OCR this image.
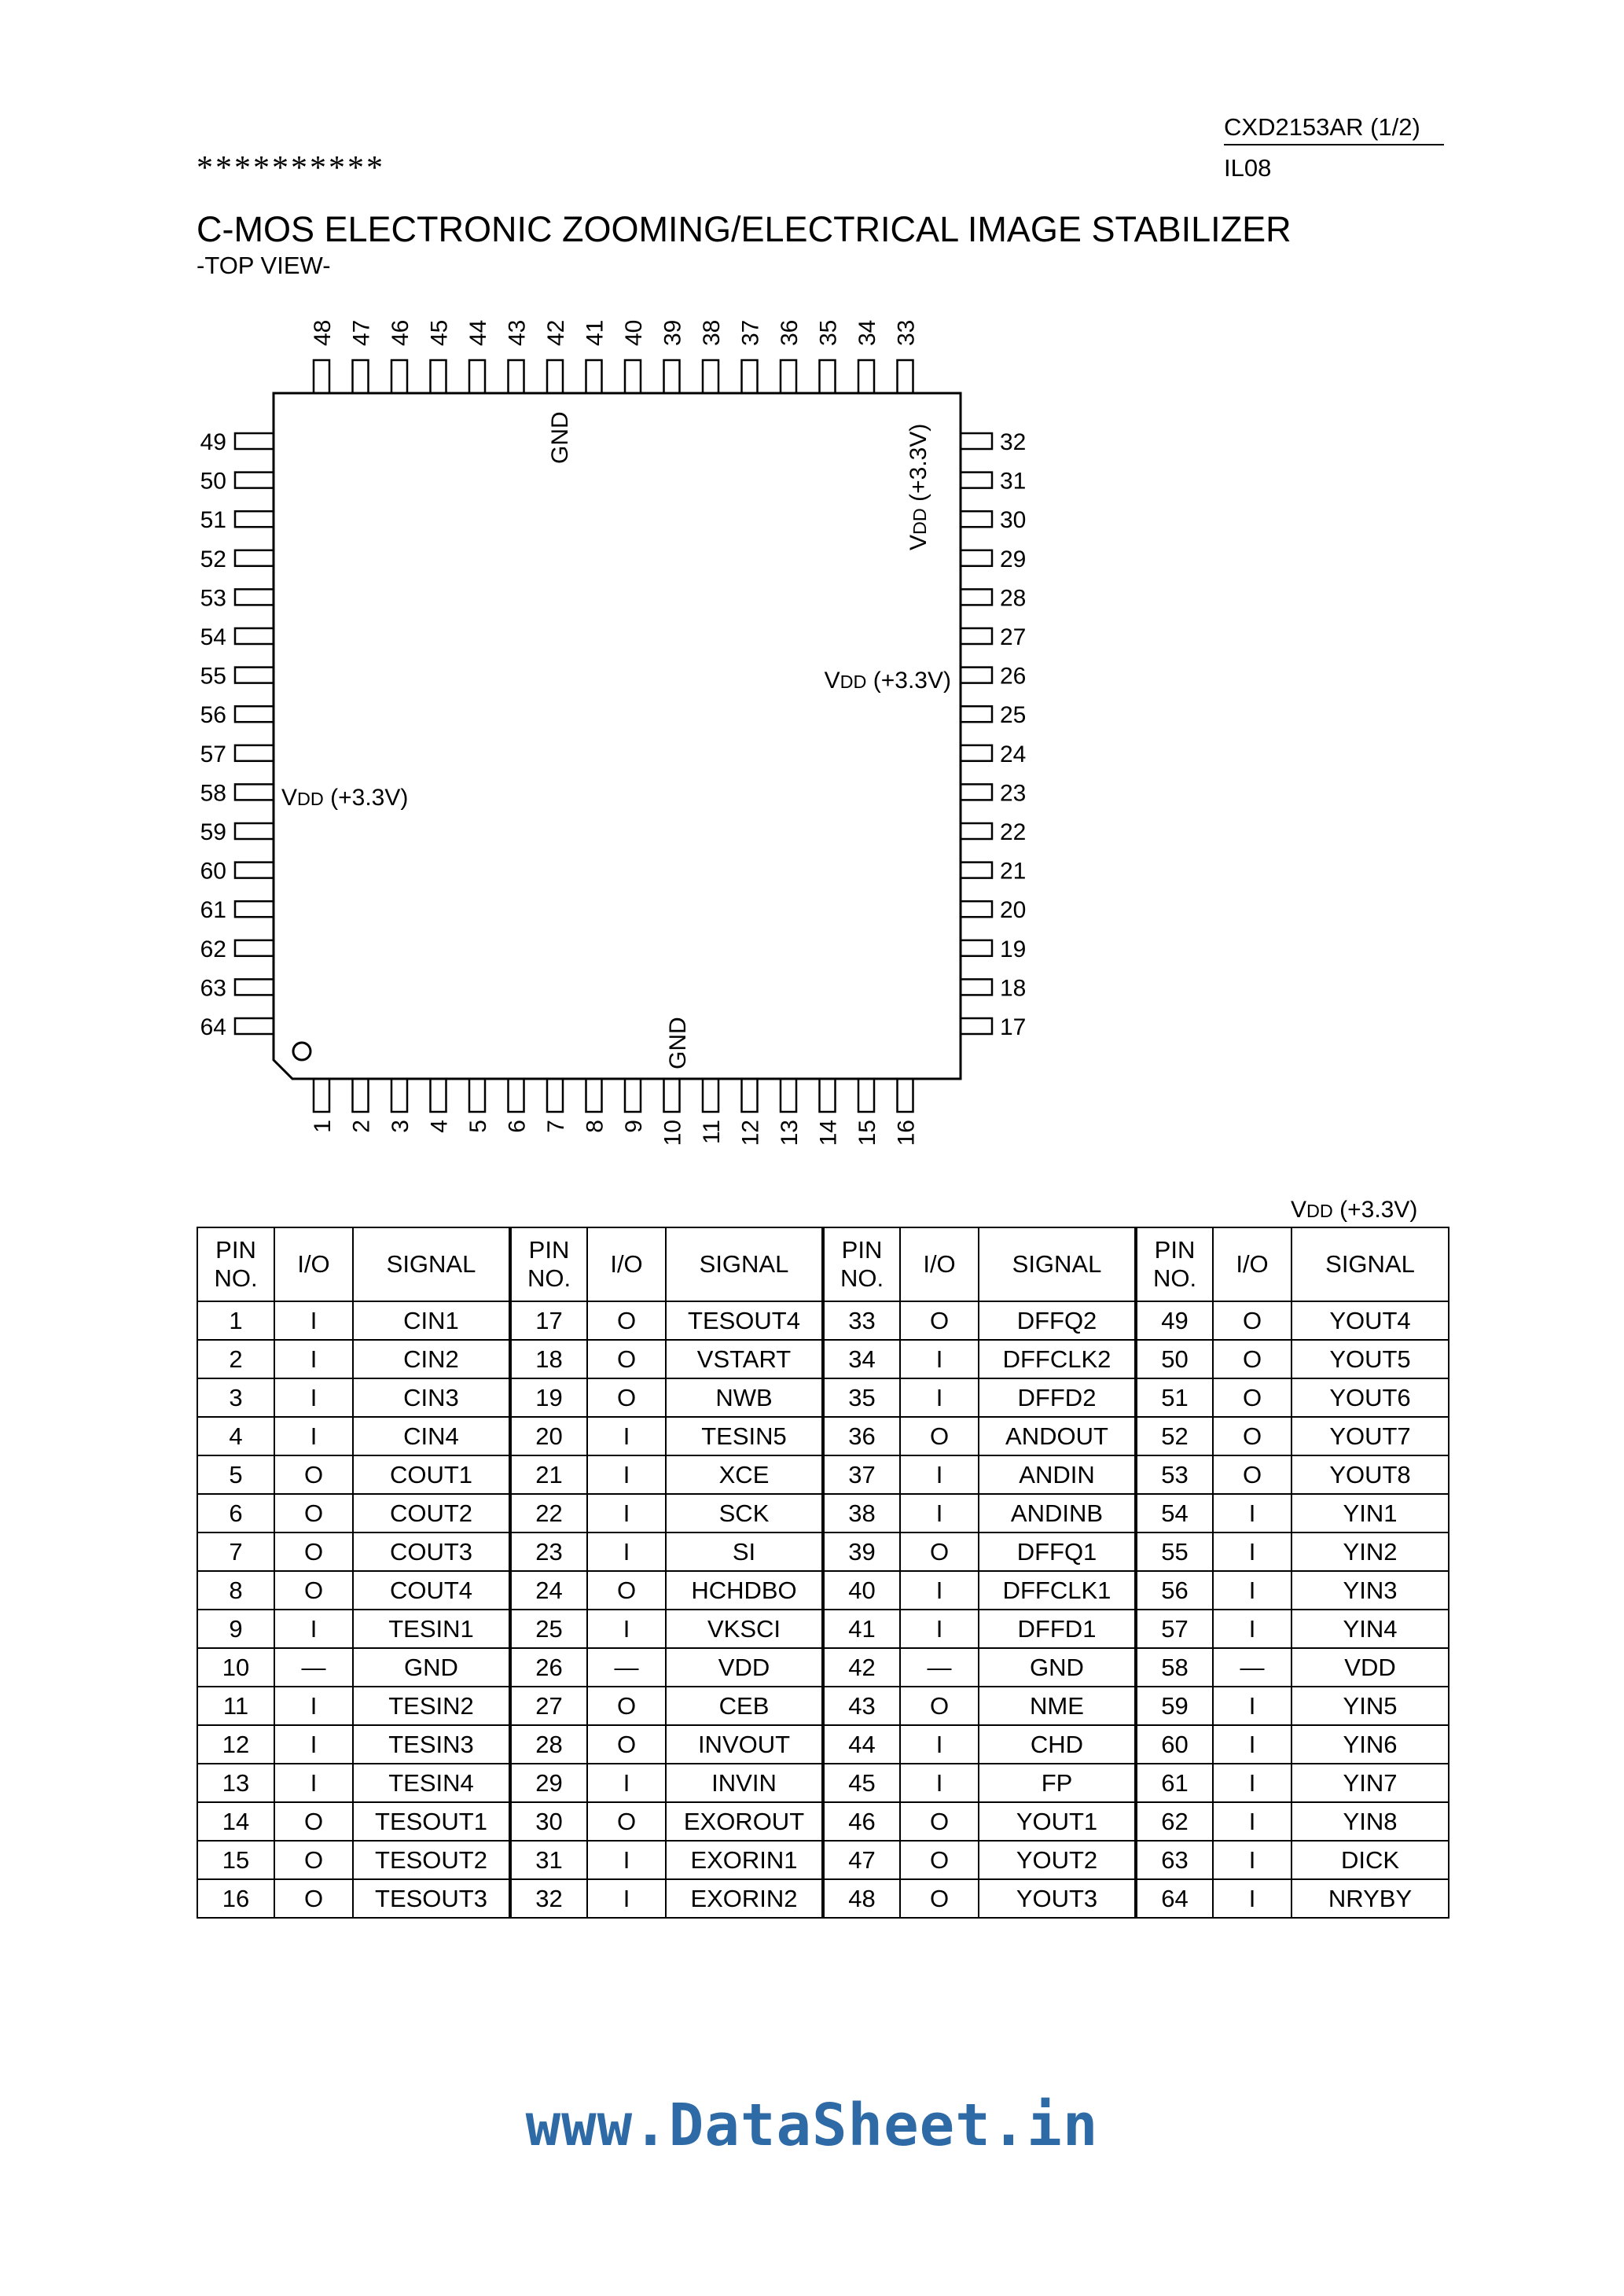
CXD2153AR (1/2)
IL08
**********
C-MOS ELECTRONIC ZOOMING/ELECTRICAL IMAGE STABILIZER
-TOP VIEW-
48
1
47
2
46
3
45
4
44
5
43
6
42
7
41
8
40
9
39
10
38
11
37
12
36
13
35
14
34
15
33
16
49	32
50	31
51	30
52	29
53	28
54	27
55	26
56	25
57	24
58	23
59	22
60	21
61	20
62	19
63	18
64	17
GND
GND
VDD (+3.3V)
VDD (+3.3V)
VDD (+3.3V)
VDD (+3.3V)
PIN
NO.	I/O	SIGNAL	PIN
NO.	I/O	SIGNAL	PIN
NO.	I/O	SIGNAL	PIN
NO.	I/O	SIGNAL
1	I	CIN1	17	O	TESOUT4	33	O	DFFQ2	49	O	YOUT4
2	I	CIN2	18	O	VSTART	34	I	DFFCLK2	50	O	YOUT5
3	I	CIN3	19	O	NWB	35	I	DFFD2	51	O	YOUT6
4	I	CIN4	20	I	TESIN5	36	O	ANDOUT	52	O	YOUT7
5	O	COUT1	21	I	XCE	37	I	ANDIN	53	O	YOUT8
6	O	COUT2	22	I	SCK	38	I	ANDINB	54	I	YIN1
7	O	COUT3	23	I	SI	39	O	DFFQ1	55	I	YIN2
8	O	COUT4	24	O	HCHDBO	40	I	DFFCLK1	56	I	YIN3
9	I	TESIN1	25	I	VKSCI	41	I	DFFD1	57	I	YIN4
10	—	GND	26	—	VDD	42	—	GND	58	—	VDD
11	I	TESIN2	27	O	CEB	43	O	NME	59	I	YIN5
12	I	TESIN3	28	O	INVOUT	44	I	CHD	60	I	YIN6
13	I	TESIN4	29	I	INVIN	45	I	FP	61	I	YIN7
14	O	TESOUT1	30	O	EXOROUT	46	O	YOUT1	62	I	YIN8
15	O	TESOUT2	31	I	EXORIN1	47	O	YOUT2	63	I	DICK
16	O	TESOUT3	32	I	EXORIN2	48	O	YOUT3	64	I	NRYBY
www.DataSheet.in
